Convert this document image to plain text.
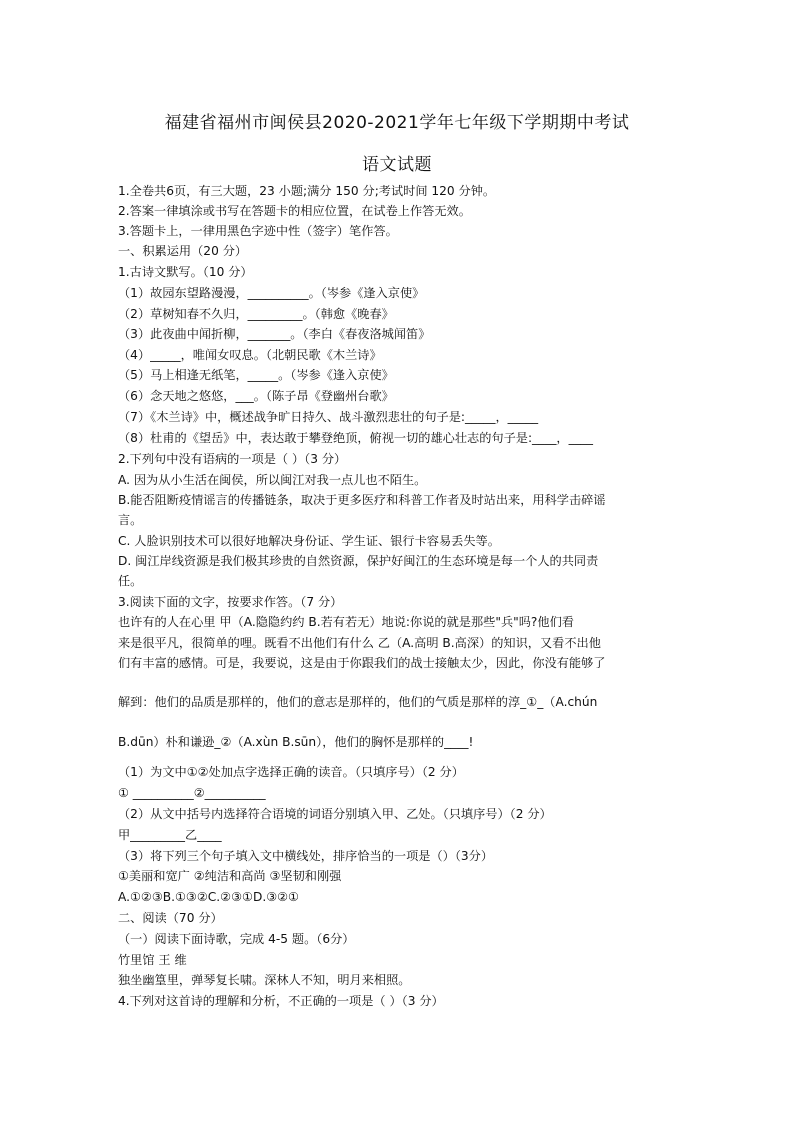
福建省福州市闽侯县2020-2021学年七年级下学期期中考试
语文试题
1.全卷共6页，有三大题，23 小题;满分 150 分;考试时间 120 分钟。
2.答案一律填涂或书写在答题卡的相应位置，在试卷上作答无效。
3.答题卡上，一律用黑色字迹中性（签字）笔作答。
一、积累运用（20 分）
1.古诗文默写。（10 分）
（1）故园东望路漫漫，__________。（岑参《逢入京使》
（2）草树知春不久归，_________。（韩愈《晚春》
（3）此夜曲中闻折柳，_______。（李白《春夜洛城闻笛》
（4）_____，唯闻女叹息。（北朝民歌《木兰诗》
（5）马上相逢无纸笔，_____。（岑参《逢入京使》
（6）念天地之悠悠，___。（陈子昂《登幽州台歌》
（7）《木兰诗》中，概述战争旷日持久、战斗激烈悲壮的句子是:_____，_____
（8）杜甫的《望岳》中，表达敢于攀登绝顶，俯视一切的雄心壮志的句子是:____，____
2.下列句中没有语病的一项是（ ）（3 分）
A. 因为从小生活在闽侯，所以闽江对我一点儿也不陌生。
B.能否阻断疫情谣言的传播链条，取决于更多医疗和科普工作者及时站出来，用科学击碎谣
言。
C. 人脸识别技术可以很好地解决身份证、学生证、银行卡容易丢失等。
D. 闽江岸线资源是我们极其珍贵的自然资源，保护好闽江的生态环境是每一个人的共同责
任。
3.阅读下面的文字，按要求作答。（7 分）
也许有的人在心里 甲（A.隐隐约约 B.若有若无）地说:你说的就是那些"兵"吗?他们看
来是很平凡，很简单的哩。既看不出他们有什么 乙（A.高明 B.高深）的知识，又看不出他
们有丰富的感情。可是，我要说，这是由于你跟我们的战士接触太少，因此，你没有能够了
解到：他们的品质是那样的，他们的意志是那样的，他们的气质是那样的淳_①_（A.chún
B.dūn）朴和谦逊_②（A.xùn B.sūn），他们的胸怀是那样的____!
（1）为文中①②处加点字选择正确的读音。（只填序号）（2 分）
① __________②__________
（2）从文中括号内选择符合语境的词语分别填入甲、乙处。（只填序号）（2 分）
甲_________乙____
（3）将下列三个句子填入文中横线处，排序恰当的一项是（）（3分）
①美丽和宽广 ②纯洁和高尚 ③坚韧和刚强
A.①②③B.①③②C.②③①D.③②①
二、阅读（70 分）
（一）阅读下面诗歌，完成 4-5 题。（6分）
竹里馆 王 维
独坐幽篁里，弹琴复长啸。深林人不知，明月来相照。
4.下列对这首诗的理解和分析，不正确的一项是（ ）（3 分）
